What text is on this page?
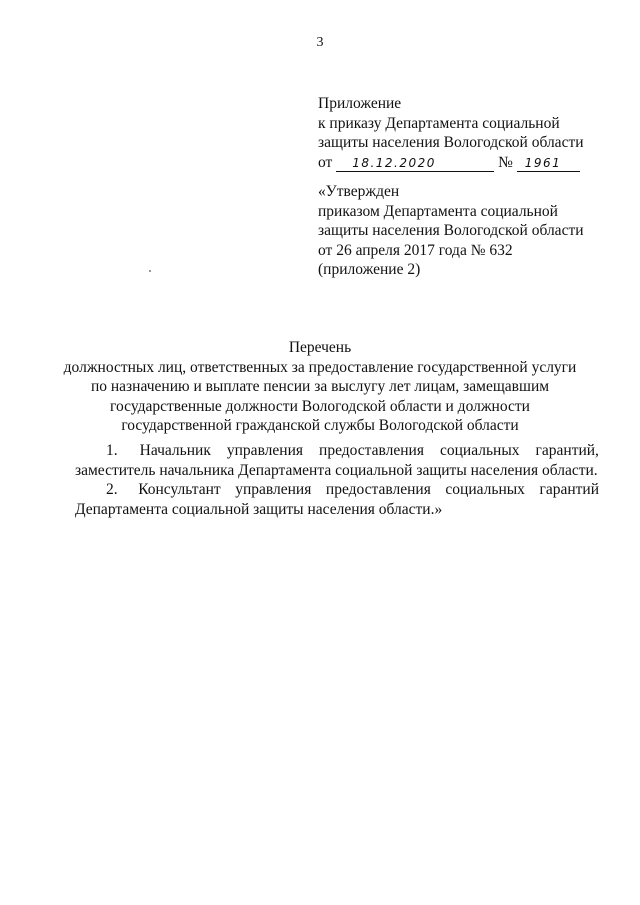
3
Приложение
к приказу Департамента социальной
защиты населения Вологодской области
от 18.12.2020	№ 1961
«Утвержден
приказом Департамента социальной
защиты населения Вологодской области
от 26 апреля 2017 года № 632
(приложение 2)
Перечень
должностных лиц, ответственных за предоставление государственной услуги
по назначению и выплате пенсии за выслугу лет лицам, замещавшим
государственные должности Вологодской области и должности
государственной гражданской службы Вологодской области
1. Начальник управления предоставления социальных гарантий,
заместитель начальника Департамента социальной защиты населения области.
2. Консультант управления предоставления социальных гарантий
Департамента социальной защиты населения области.»
